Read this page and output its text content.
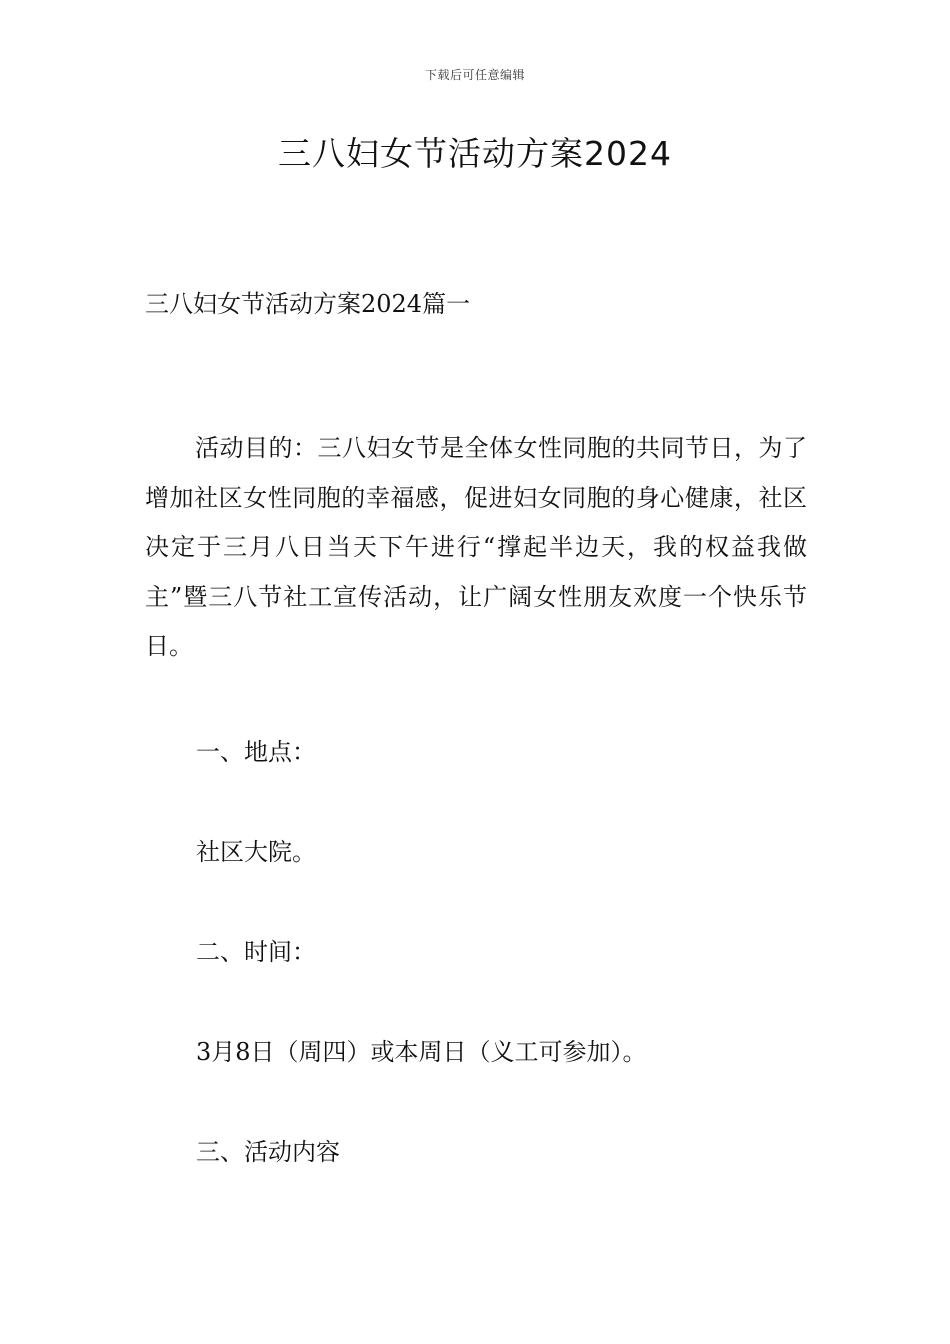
下载后可任意编辑
三八妇女节活动方案2024
三八妇女节活动方案2024篇一

活动目的：三八妇女节是全体女性同胞的共同节日，为了增加社区女性同胞的幸福感，促进妇女同胞的身心健康，社区决定于三月八日当天下午进行“撑起半边天，我的权益我做主”暨三八节社工宣传活动，让广阔女性朋友欢度一个快乐节日。

一、地点：

社区大院。

二、时间：

3月8日（周四）或本周日（义工可参加）。

三、活动内容
